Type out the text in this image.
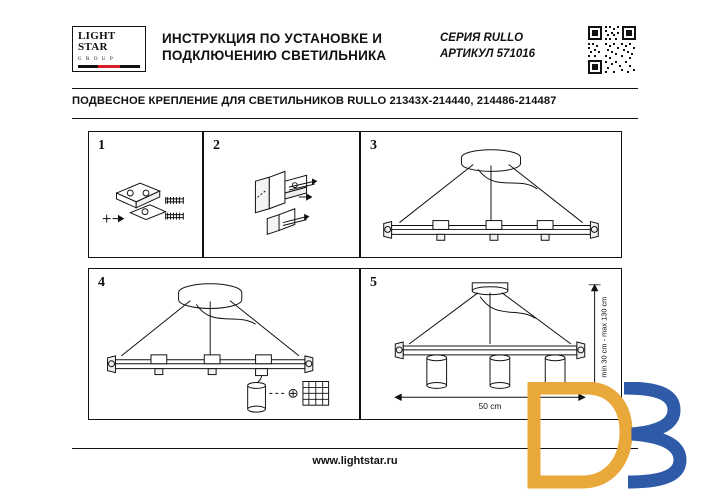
LIGHT
STAR
G R O U P
ИНСТРУКЦИЯ ПО УСТАНОВКЕ И ПОДКЛЮЧЕНИЮ СВЕТИЛЬНИКА
СЕРИЯ RULLO
АРТИКУЛ 571016
ПОДВЕСНОЕ КРЕПЛЕНИЕ ДЛЯ СВЕТИЛЬНИКОВ RULLO 21343X-214440, 214486-214487
1	2	3
4	5
50 cm
min 30 cm - max 130 cm
www.lightstar.ru
